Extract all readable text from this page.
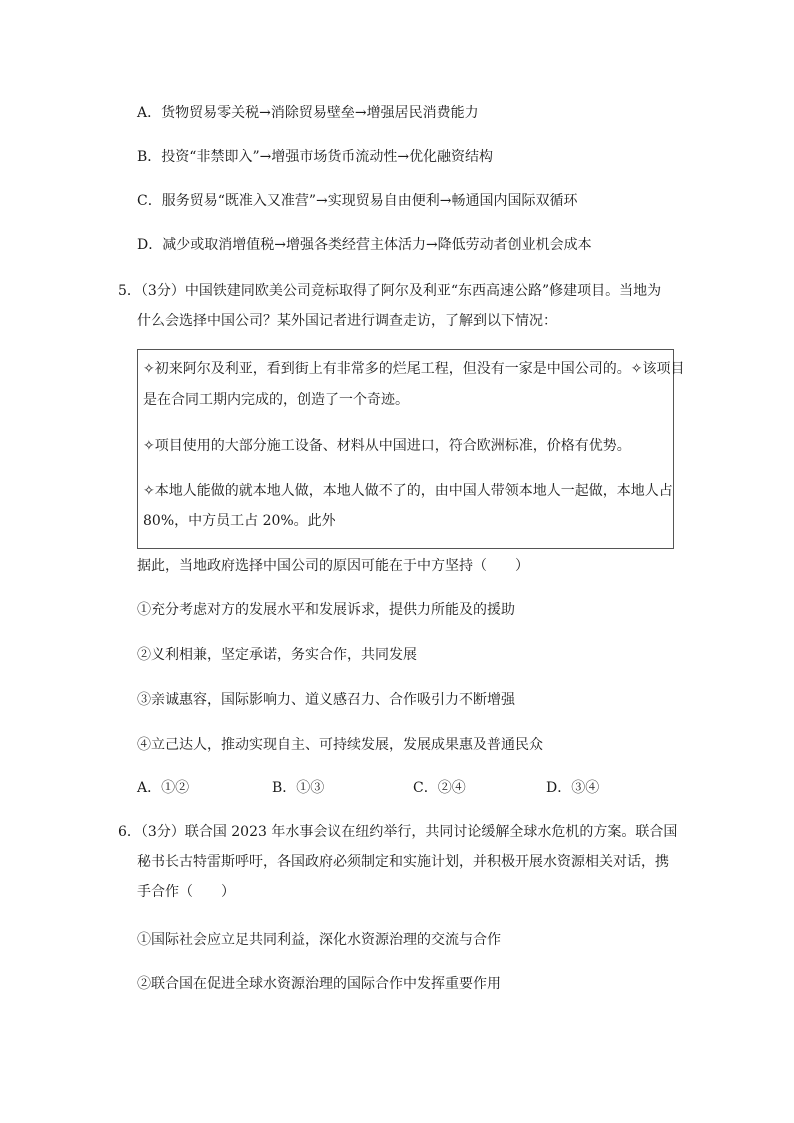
A．货物贸易零关税→消除贸易壁垒→增强居民消费能力
B．投资“非禁即入”→增强市场货币流动性→优化融资结构
C．服务贸易“既准入又准营”→实现贸易自由便利→畅通国内国际双循环
D．减少或取消增值税→增强各类经营主体活力→降低劳动者创业机会成本
5．（3分）中国铁建同欧美公司竞标取得了阿尔及利亚“东西高速公路”修建项目。当地为
什么会选择中国公司？某外国记者进行调查走访，了解到以下情况：
✧初来阿尔及利亚，看到街上有非常多的烂尾工程，但没有一家是中国公司的。✧该项目
是在合同工期内完成的，创造了一个奇迹。
✧项目使用的大部分施工设备、材料从中国进口，符合欧洲标准，价格有优势。
✧本地人能做的就本地人做，本地人做不了的，由中国人带领本地人一起做，本地人占
80%，中方员工占 20%。此外
据此，当地政府选择中国公司的原因可能在于中方坚持（　　）
①充分考虑对方的发展水平和发展诉求，提供力所能及的援助
②义利相兼，坚定承诺，务实合作，共同发展
③亲诚惠容，国际影响力、道义感召力、合作吸引力不断增强
④立己达人，推动实现自主、可持续发展，发展成果惠及普通民众
A．①②	B．①③	C．②④	D．③④
6．（3分）联合国 2023 年水事会议在纽约举行，共同讨论缓解全球水危机的方案。联合国
秘书长古特雷斯呼吁，各国政府必须制定和实施计划，并积极开展水资源相关对话，携
手合作（　　）
①国际社会应立足共同利益，深化水资源治理的交流与合作
②联合国在促进全球水资源治理的国际合作中发挥重要作用
